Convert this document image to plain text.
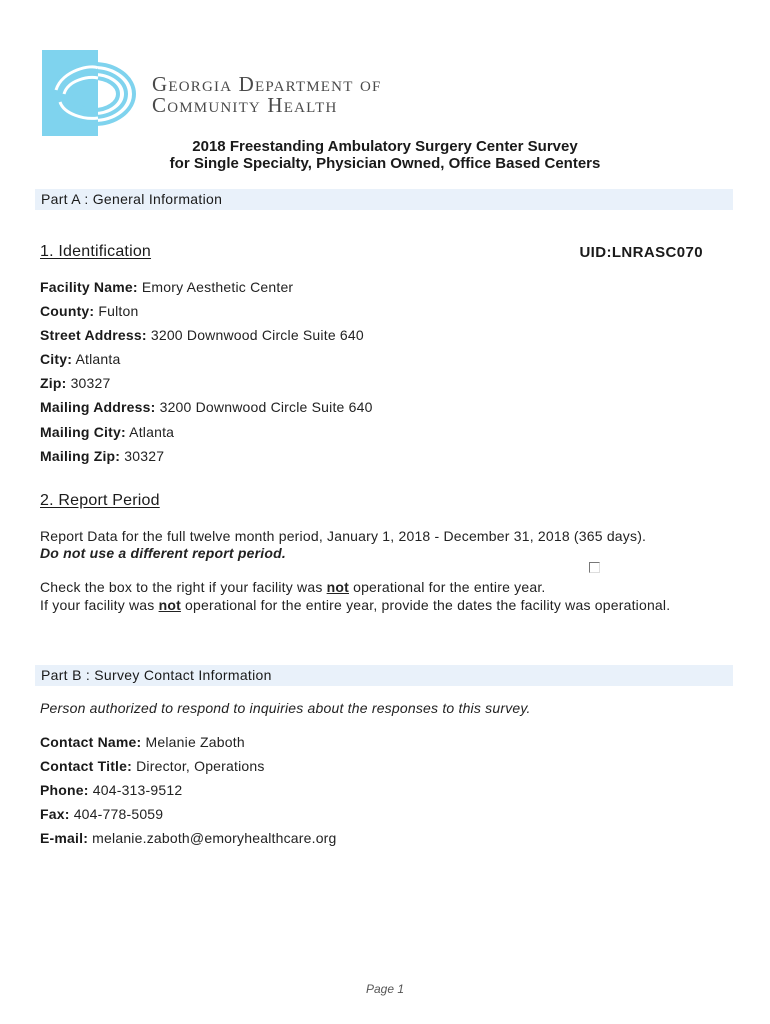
Georgia Department of
Community Health
2018 Freestanding Ambulatory Surgery Center Survey
for Single Specialty, Physician Owned, Office Based Centers
Part A : General Information
1. Identification	UID:LNRASC070
Facility Name: Emory Aesthetic Center
County: Fulton
Street Address: 3200 Downwood Circle Suite 640
City: Atlanta
Zip: 30327
Mailing Address: 3200 Downwood Circle Suite 640
Mailing City: Atlanta
Mailing Zip: 30327
2. Report Period
Report Data for the full twelve month period, January 1, 2018 - December 31, 2018 (365 days).
Do not use a different report period.
Check the box to the right if your facility was not operational for the entire year.
If your facility was not operational for the entire year, provide the dates the facility was operational.
Part B : Survey Contact Information
Person authorized to respond to inquiries about the responses to this survey.
Contact Name: Melanie Zaboth
Contact Title: Director, Operations
Phone: 404-313-9512
Fax: 404-778-5059
E-mail: melanie.zaboth@emoryhealthcare.org
Page 1
